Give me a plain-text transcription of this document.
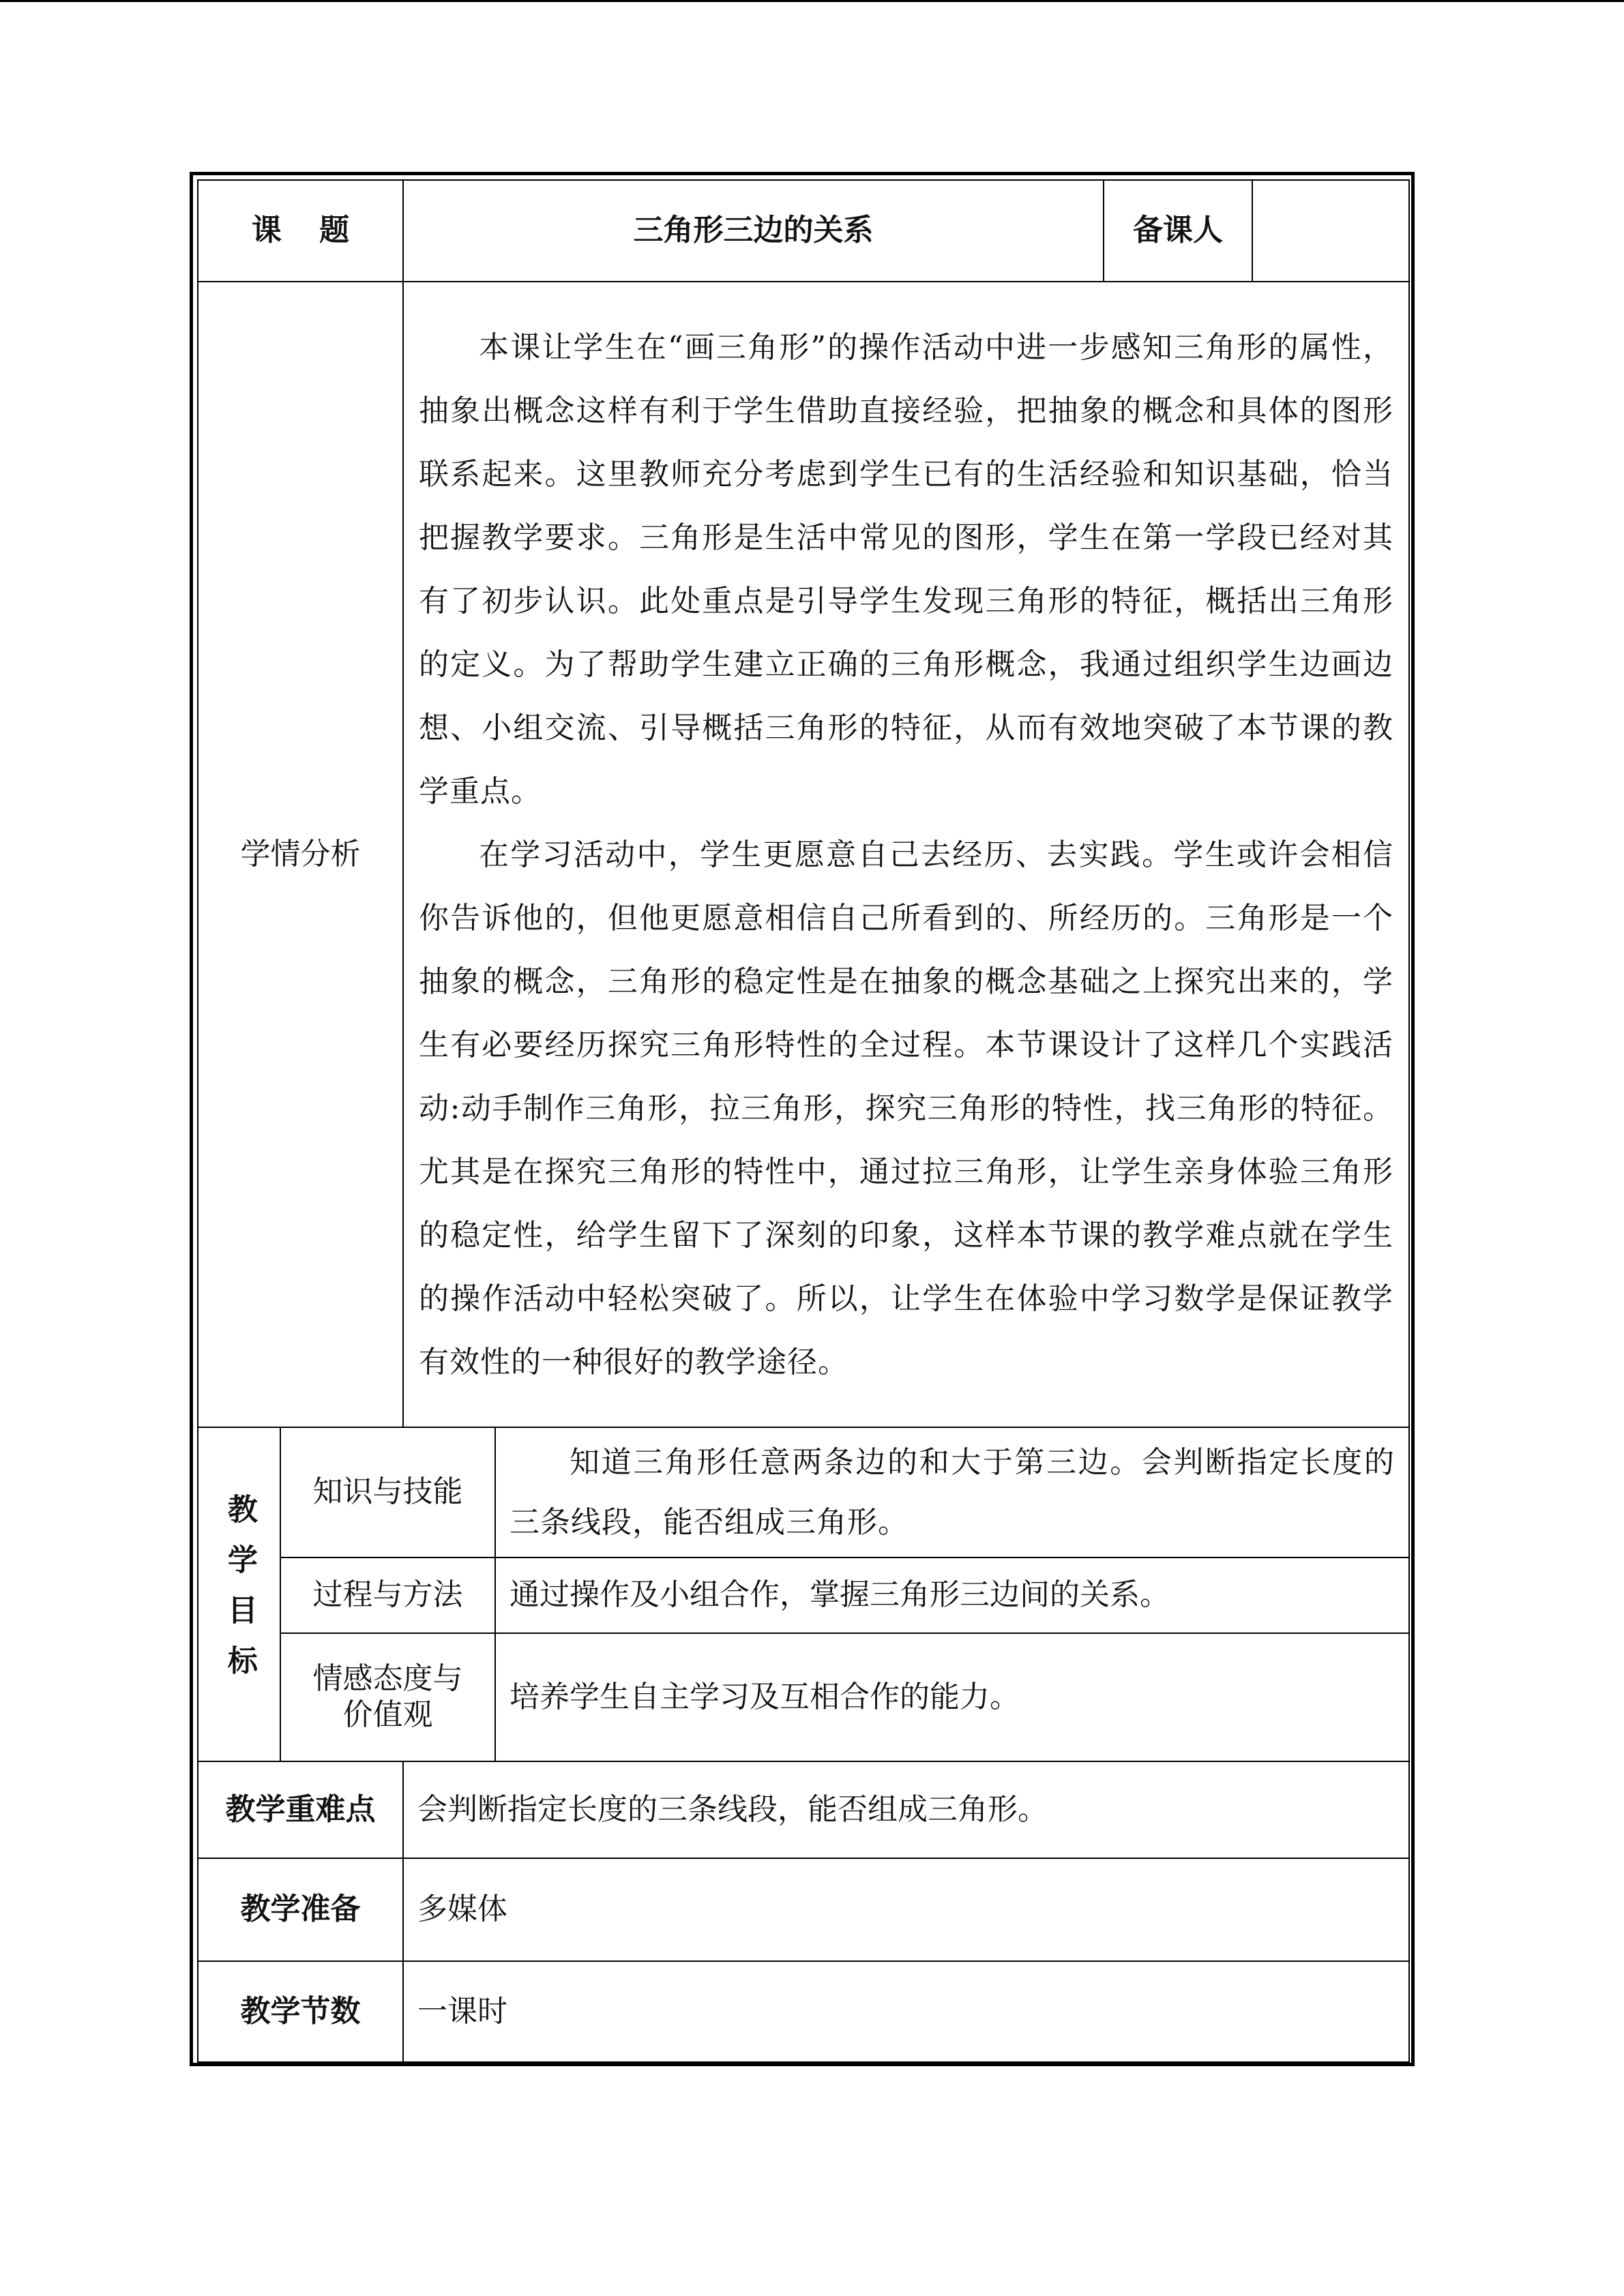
课 题		三角形三边的关系		备课人	
学情分析		本课让学生在“画三角形”的操作活动中进一步感知三角形的属性，抽象出概念这样有利于学生借助直接经验，把抽象的概念和具体的图形联系起来。这里教师充分考虑到学生已有的生活经验和知识基础，恰当把握教学要求。三角形是生活中常见的图形，学生在第一学段已经对其有了初步认识。此处重点是引导学生发现三角形的特征，概括出三角形的定义。为了帮助学生建立正确的三角形概念，我通过组织学生边画边想、小组交流、引导概括三角形的特征，从而有效地突破了本节课的教学重点。

在学习活动中，学生更愿意自己去经历、去实践。学生或许会相信你告诉他的，但他更愿意相信自己所看到的、所经历的。三角形是一个抽象的概念，三角形的稳定性是在抽象的概念基础之上探究出来的，学生有必要经历探究三角形特性的全过程。本节课设计了这样几个实践活动:动手制作三角形，拉三角形，探究三角形的特性，找三角形的特征。尤其是在探究三角形的特性中，通过拉三角形，让学生亲身体验三角形的稳定性，给学生留下了深刻的印象，这样本节课的教学难点就在学生的操作活动中轻松突破了。所以，让学生在体验中学习数学是保证教学有效性的一种很好的教学途径。			

教学目标	知识与技能		知道三角形任意两条边的和大于第三边。会判断指定长度的三条线段，能否组成三角形。		

	过程与方法		通过操作及小组合作，掌握三角形三边间的关系。		

	情感态度与
价值观		培养学生自主学习及互相合作的能力。		
教学重难点		会判断指定长度的三条线段，能否组成三角形。			
教学准备		多媒体			
教学节数		一课时			
